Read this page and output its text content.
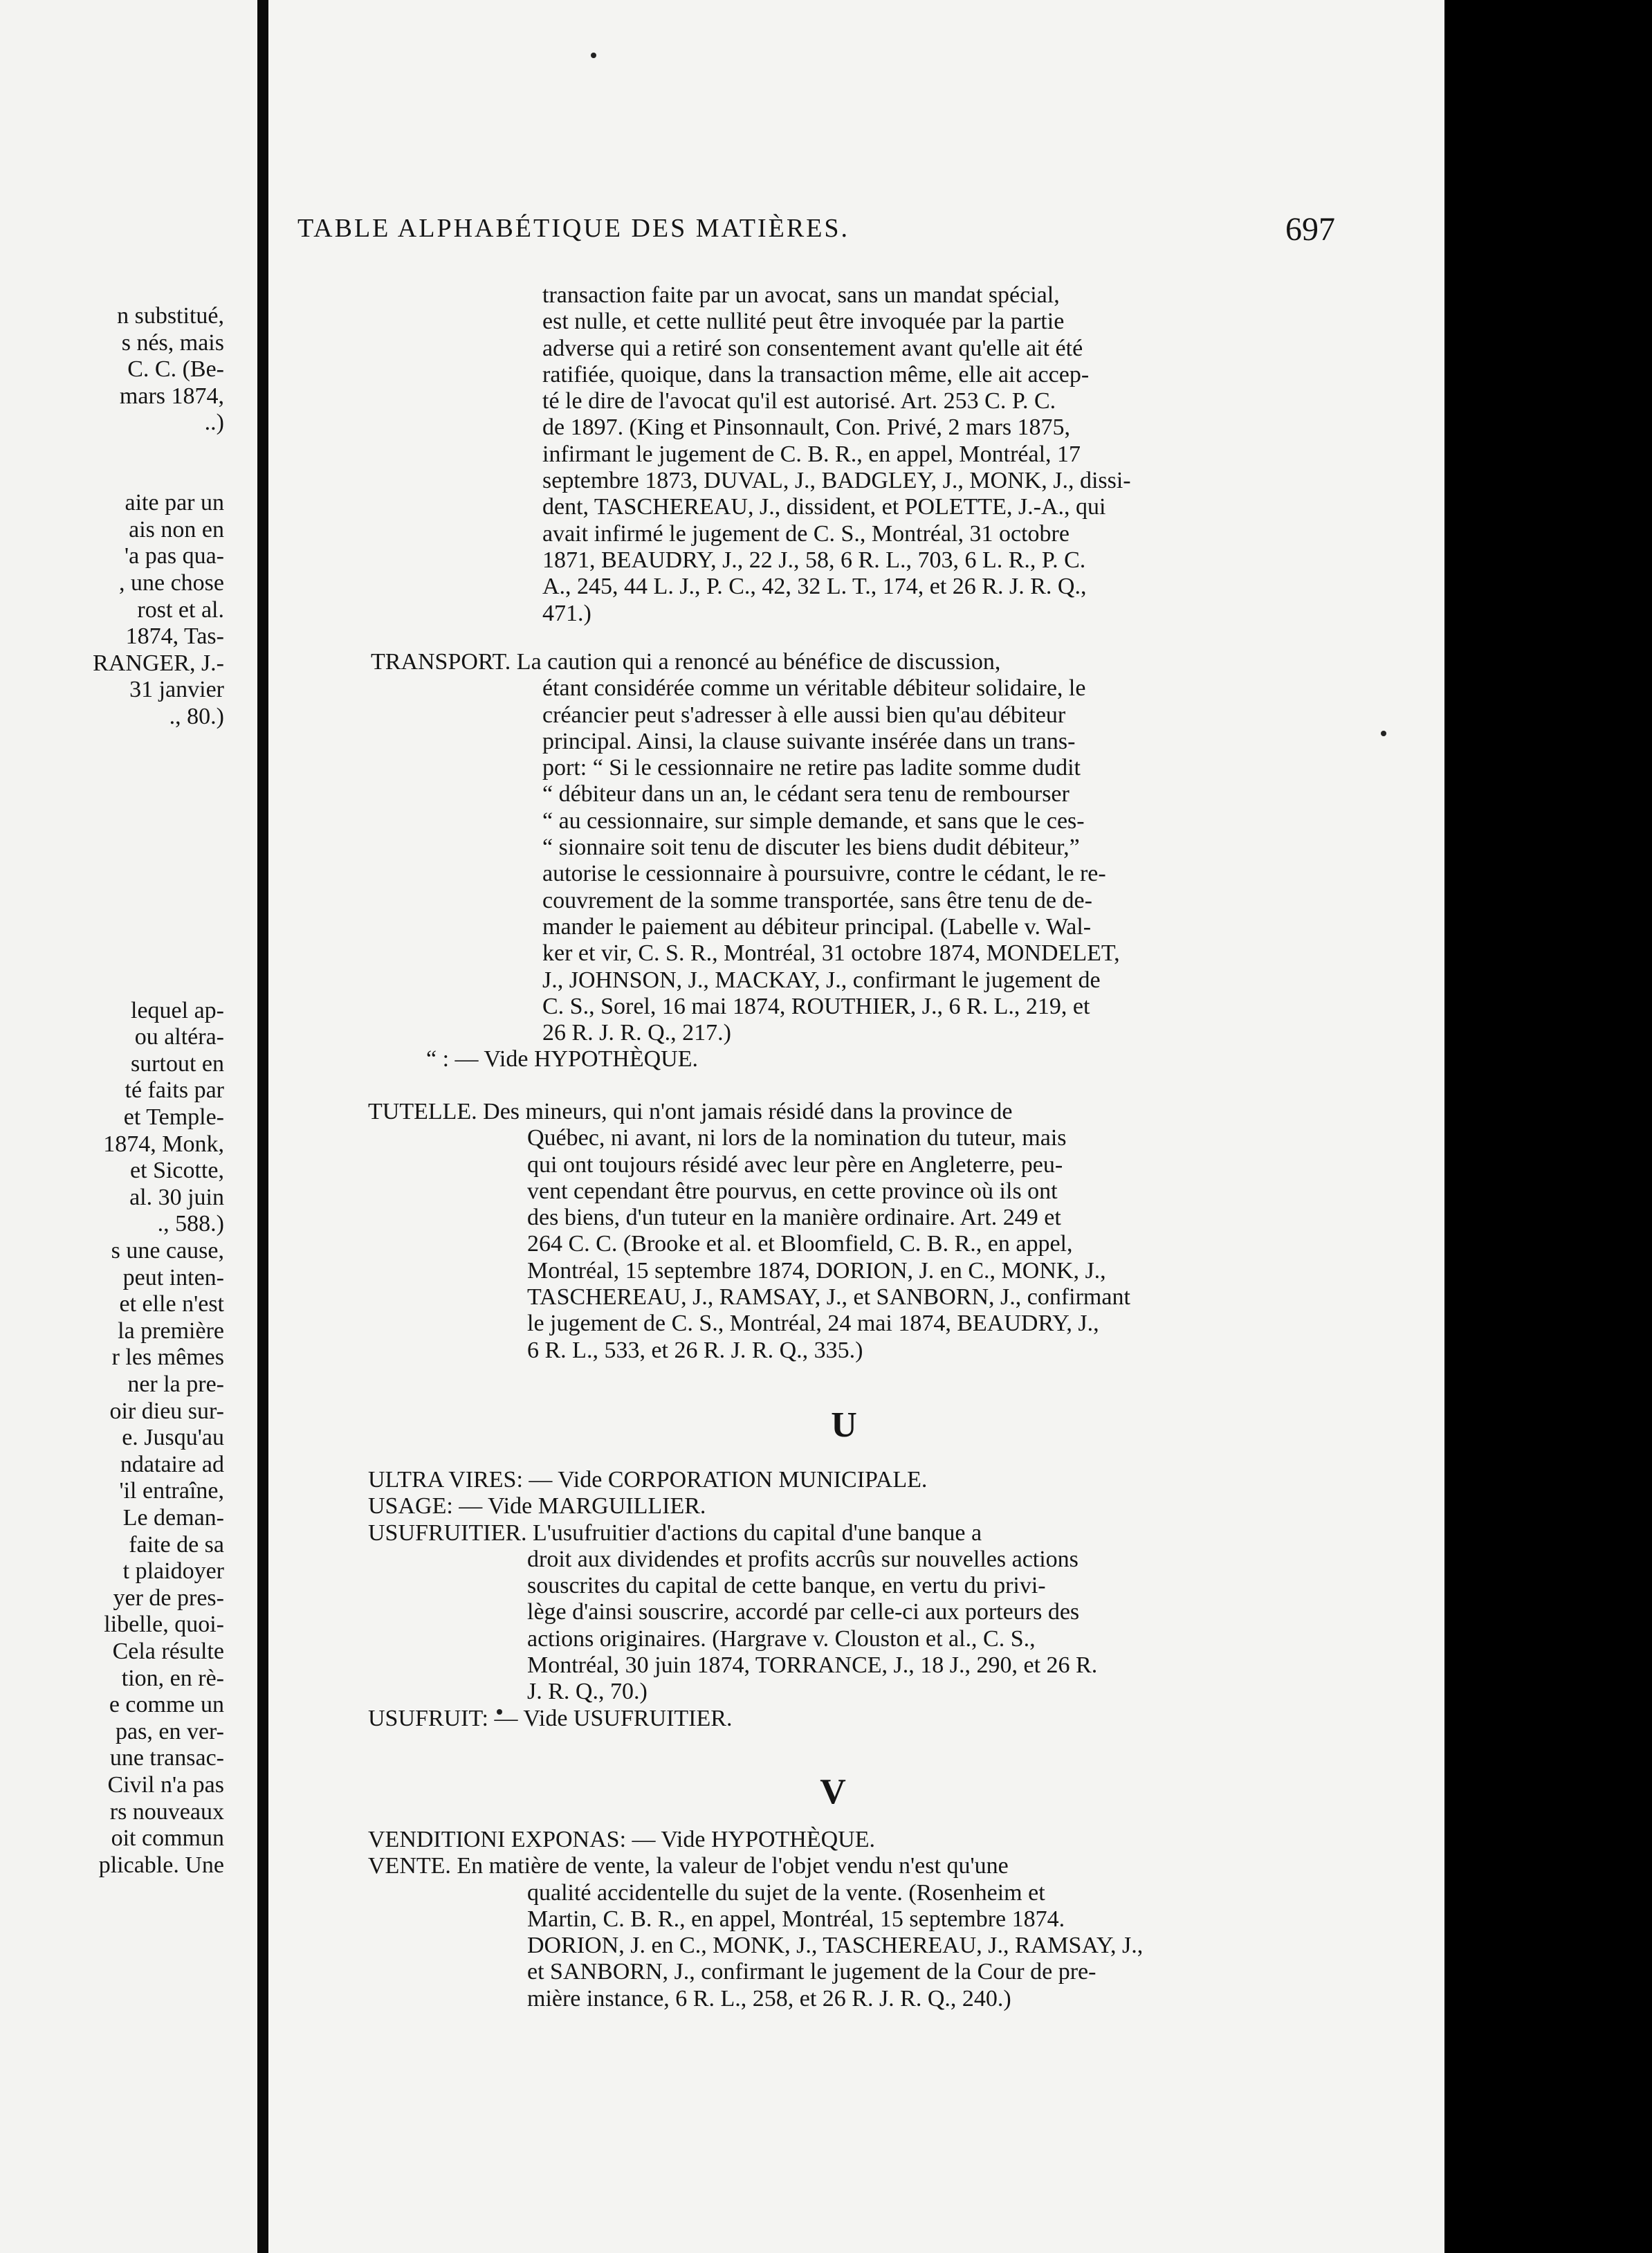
n substitué,
s nés, mais
C. C. (Be-
mars 1874,
..)
aite par un
ais non en
'a pas qua-
, une chose
rost et al.
1874, Tas-
RANGER, J.-
31 janvier
., 80.)
lequel ap-
ou altéra-
surtout en
té faits par
et Temple-
1874, Monk,
et Sicotte,
al. 30 juin
., 588.)
s une cause,
peut inten-
et elle n'est
la première
r les mêmes
ner la pre-
oir dieu sur-
e. Jusqu'au
ndataire ad
'il entraîne,
Le deman-
faite de sa
t plaidoyer
yer de pres-
libelle, quoi-
Cela résulte
tion, en rè-
e comme un
pas, en ver-
une transac-
Civil n'a pas
rs nouveaux
oit commun
plicable. Une
TABLE ALPHABÉTIQUE DES MATIÈRES.	697
transaction faite par un avocat, sans un mandat spécial,
est nulle, et cette nullité peut être invoquée par la partie
adverse qui a retiré son consentement avant qu'elle ait été
ratifiée, quoique, dans la transaction même, elle ait accep-
té le dire de l'avocat qu'il est autorisé. Art. 253 C. P. C.
de 1897. (King et Pinsonnault, Con. Privé, 2 mars 1875,
infirmant le jugement de C. B. R., en appel, Montréal, 17
septembre 1873, DUVAL, J., BADGLEY, J., MONK, J., dissi-
dent, TASCHEREAU, J., dissident, et POLETTE, J.-A., qui
avait infirmé le jugement de C. S., Montréal, 31 octobre
1871, BEAUDRY, J., 22 J., 58, 6 R. L., 703, 6 L. R., P. C.
A., 245, 44 L. J., P. C., 42, 32 L. T., 174, et 26 R. J. R. Q.,
471.)
TRANSPORT. La caution qui a renoncé au bénéfice de discussion,
étant considérée comme un véritable débiteur solidaire, le
créancier peut s'adresser à elle aussi bien qu'au débiteur
principal. Ainsi, la clause suivante insérée dans un trans-
port: “ Si le cessionnaire ne retire pas ladite somme dudit
“ débiteur dans un an, le cédant sera tenu de rembourser
“ au cessionnaire, sur simple demande, et sans que le ces-
“ sionnaire soit tenu de discuter les biens dudit débiteur,”
autorise le cessionnaire à poursuivre, contre le cédant, le re-
couvrement de la somme transportée, sans être tenu de de-
mander le paiement au débiteur principal. (Labelle v. Wal-
ker et vir, C. S. R., Montréal, 31 octobre 1874, MONDELET,
J., JOHNSON, J., MACKAY, J., confirmant le jugement de
C. S., Sorel, 16 mai 1874, ROUTHIER, J., 6 R. L., 219, et
26 R. J. R. Q., 217.)
“ : — Vide HYPOTHÈQUE.
TUTELLE. Des mineurs, qui n'ont jamais résidé dans la province de
Québec, ni avant, ni lors de la nomination du tuteur, mais
qui ont toujours résidé avec leur père en Angleterre, peu-
vent cependant être pourvus, en cette province où ils ont
des biens, d'un tuteur en la manière ordinaire. Art. 249 et
264 C. C. (Brooke et al. et Bloomfield, C. B. R., en appel,
Montréal, 15 septembre 1874, DORION, J. en C., MONK, J.,
TASCHEREAU, J., RAMSAY, J., et SANBORN, J., confirmant
le jugement de C. S., Montréal, 24 mai 1874, BEAUDRY, J.,
6 R. L., 533, et 26 R. J. R. Q., 335.)
U
ULTRA VIRES: — Vide CORPORATION MUNICIPALE.
USAGE: — Vide MARGUILLIER.
USUFRUITIER. L'usufruitier d'actions du capital d'une banque a
droit aux dividendes et profits accrûs sur nouvelles actions
souscrites du capital de cette banque, en vertu du privi-
lège d'ainsi souscrire, accordé par celle-ci aux porteurs des
actions originaires. (Hargrave v. Clouston et al., C. S.,
Montréal, 30 juin 1874, TORRANCE, J., 18 J., 290, et 26 R.
J. R. Q., 70.)
USUFRUIT: — Vide USUFRUITIER.
V
VENDITIONI EXPONAS: — Vide HYPOTHÈQUE.
VENTE. En matière de vente, la valeur de l'objet vendu n'est qu'une
qualité accidentelle du sujet de la vente. (Rosenheim et
Martin, C. B. R., en appel, Montréal, 15 septembre 1874.
DORION, J. en C., MONK, J., TASCHEREAU, J., RAMSAY, J.,
et SANBORN, J., confirmant le jugement de la Cour de pre-
mière instance, 6 R. L., 258, et 26 R. J. R. Q., 240.)
